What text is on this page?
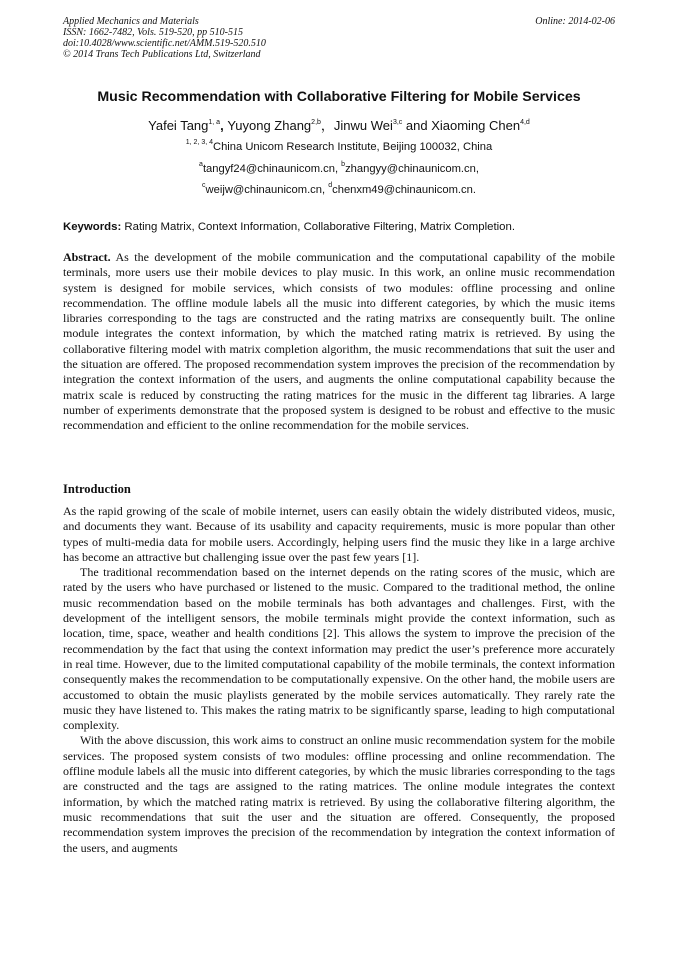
Applied Mechanics and Materials
ISSN: 1662-7482, Vols. 519-520, pp 510-515
doi:10.4028/www.scientific.net/AMM.519-520.510
© 2014 Trans Tech Publications Ltd, Switzerland
Online: 2014-02-06
Music Recommendation with Collaborative Filtering for Mobile Services
Yafei Tang$^{1, a}$, Yuyong Zhang$^{2,b}$，Jinwu Wei$^{3,c}$ and Xiaoming Chen$^{4,d}$
$^{1, 2, 3, 4}$China Unicom Research Institute, Beijing 100032, China
$^a$tangyf24@chinaunicom.cn, $^b$zhangyy@chinaunicom.cn,
$^c$weijw@chinaunicom.cn, $^d$chenxm49@chinaunicom.cn.
Keywords: Rating Matrix, Context Information, Collaborative Filtering, Matrix Completion.

Abstract. As the development of the mobile communication and the computational capability of the mobile terminals, more users use their mobile devices to play music. In this work, an online music recommendation system is designed for mobile services, which consists of two modules: offline processing and online recommendation. The offline module labels all the music into different categories, by which the music items libraries corresponding to the tags are constructed and the rating matrixs are consequently built. The online module integrates the context information, by which the matched rating matrix is retrieved. By using the collaborative filtering model with matrix completion algorithm, the music recommendations that suit the user and the situation are offered. The proposed recommendation system improves the precision of the recommendation by integration the context information of the users, and augments the online computational capability because the matrix scale is reduced by constructing the rating matrices for the music in the different tag libraries. A large number of experiments demonstrate that the proposed system is designed to be robust and effective to the music recommendation and efficient to the online recommendation for the mobile services.

Introduction

As the rapid growing of the scale of mobile internet, users can easily obtain the widely distributed videos, music, and documents they want. Because of its usability and capacity requirements, music is more popular than other types of multi-media data for mobile users. Accordingly, helping users find the music they like in a large archive has become an attractive but challenging issue over the past few years [1].

The traditional recommendation based on the internet depends on the rating scores of the music, which are rated by the users who have purchased or listened to the music. Compared to the traditional method, the online music recommendation based on the mobile terminals has both advantages and challenges. First, with the development of the intelligent sensors, the mobile terminals might provide the context information, such as location, time, space, weather and health conditions [2]. This allows the system to improve the precision of the recommendation by the fact that using the context information may predict the user’s preference more accurately in real time. However, due to the limited computational capability of the mobile terminals, the context information consequently makes the recommendation to be computationally expensive. On the other hand, the mobile users are accustomed to obtain the music playlists generated by the mobile services automatically. They rarely rate the music they have listened to. This makes the rating matrix to be significantly sparse, leading to high computational complexity.

With the above discussion, this work aims to construct an online music recommendation system for the mobile services. The proposed system consists of two modules: offline processing and online recommendation. The offline module labels all the music into different categories, by which the music libraries corresponding to the tags are constructed and the tags are assigned to the rating matrices. The online module integrates the context information, by which the matched rating matrix is retrieved. By using the collaborative filtering algorithm, the music recommendations that suit the user and the situation are offered. Consequently, the proposed recommendation system improves the precision of the recommendation by integration the context information of the users, and augments
